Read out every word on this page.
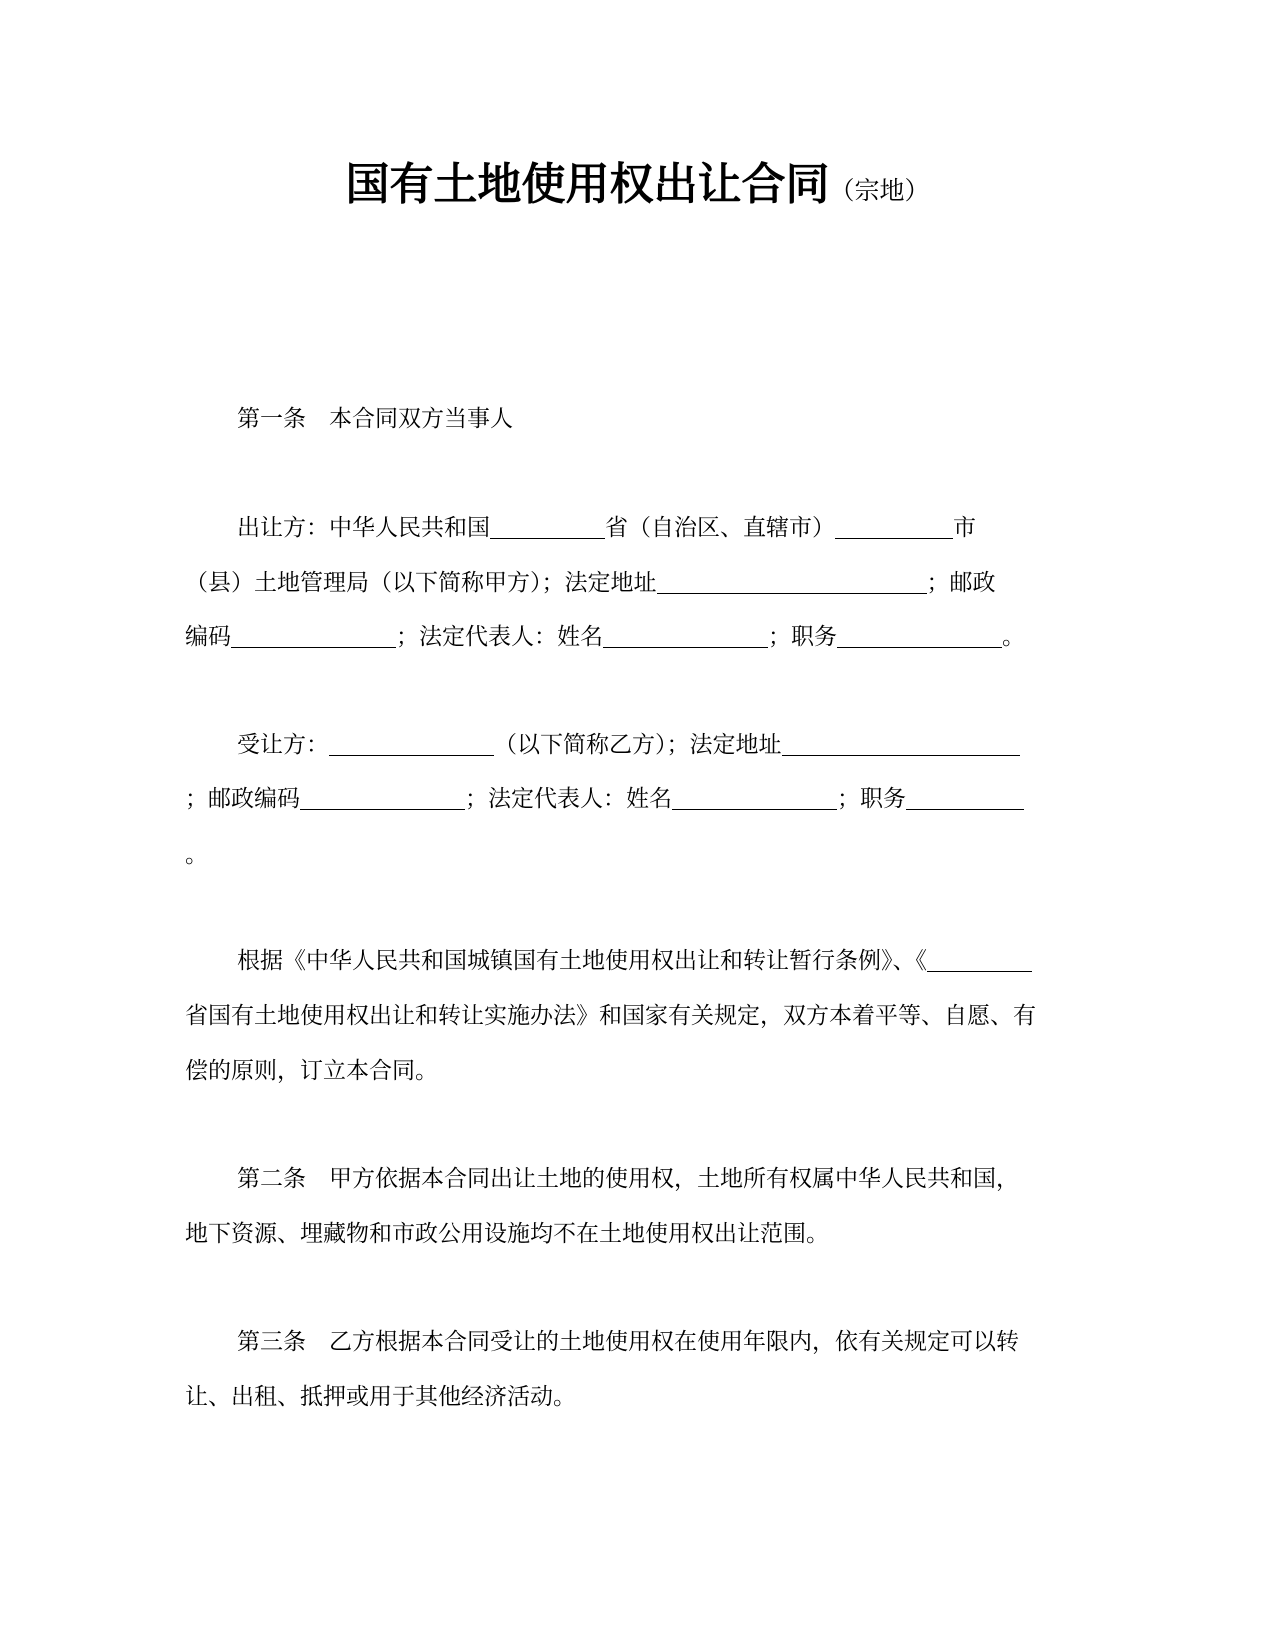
国有土地使用权出让合同（宗地）
第一条　本合同双方当事人
出让方：中华人民共和国	省（自治区、直辖市）	市
（县）土地管理局（以下简称甲方）；法定地址	；邮政
编码	；法定代表人：姓名	；职务	。
受让方：	（以下简称乙方）；法定地址
；邮政编码	；法定代表人：姓名	；职务
。
根据《中华人民共和国城镇国有土地使用权出让和转让暂行条例》、《
省国有土地使用权出让和转让实施办法》和国家有关规定，双方本着平等、自愿、有
偿的原则，订立本合同。
第二条　甲方依据本合同出让土地的使用权，土地所有权属中华人民共和国，
地下资源、埋藏物和市政公用设施均不在土地使用权出让范围。
第三条　乙方根据本合同受让的土地使用权在使用年限内，依有关规定可以转
让、出租、抵押或用于其他经济活动。
